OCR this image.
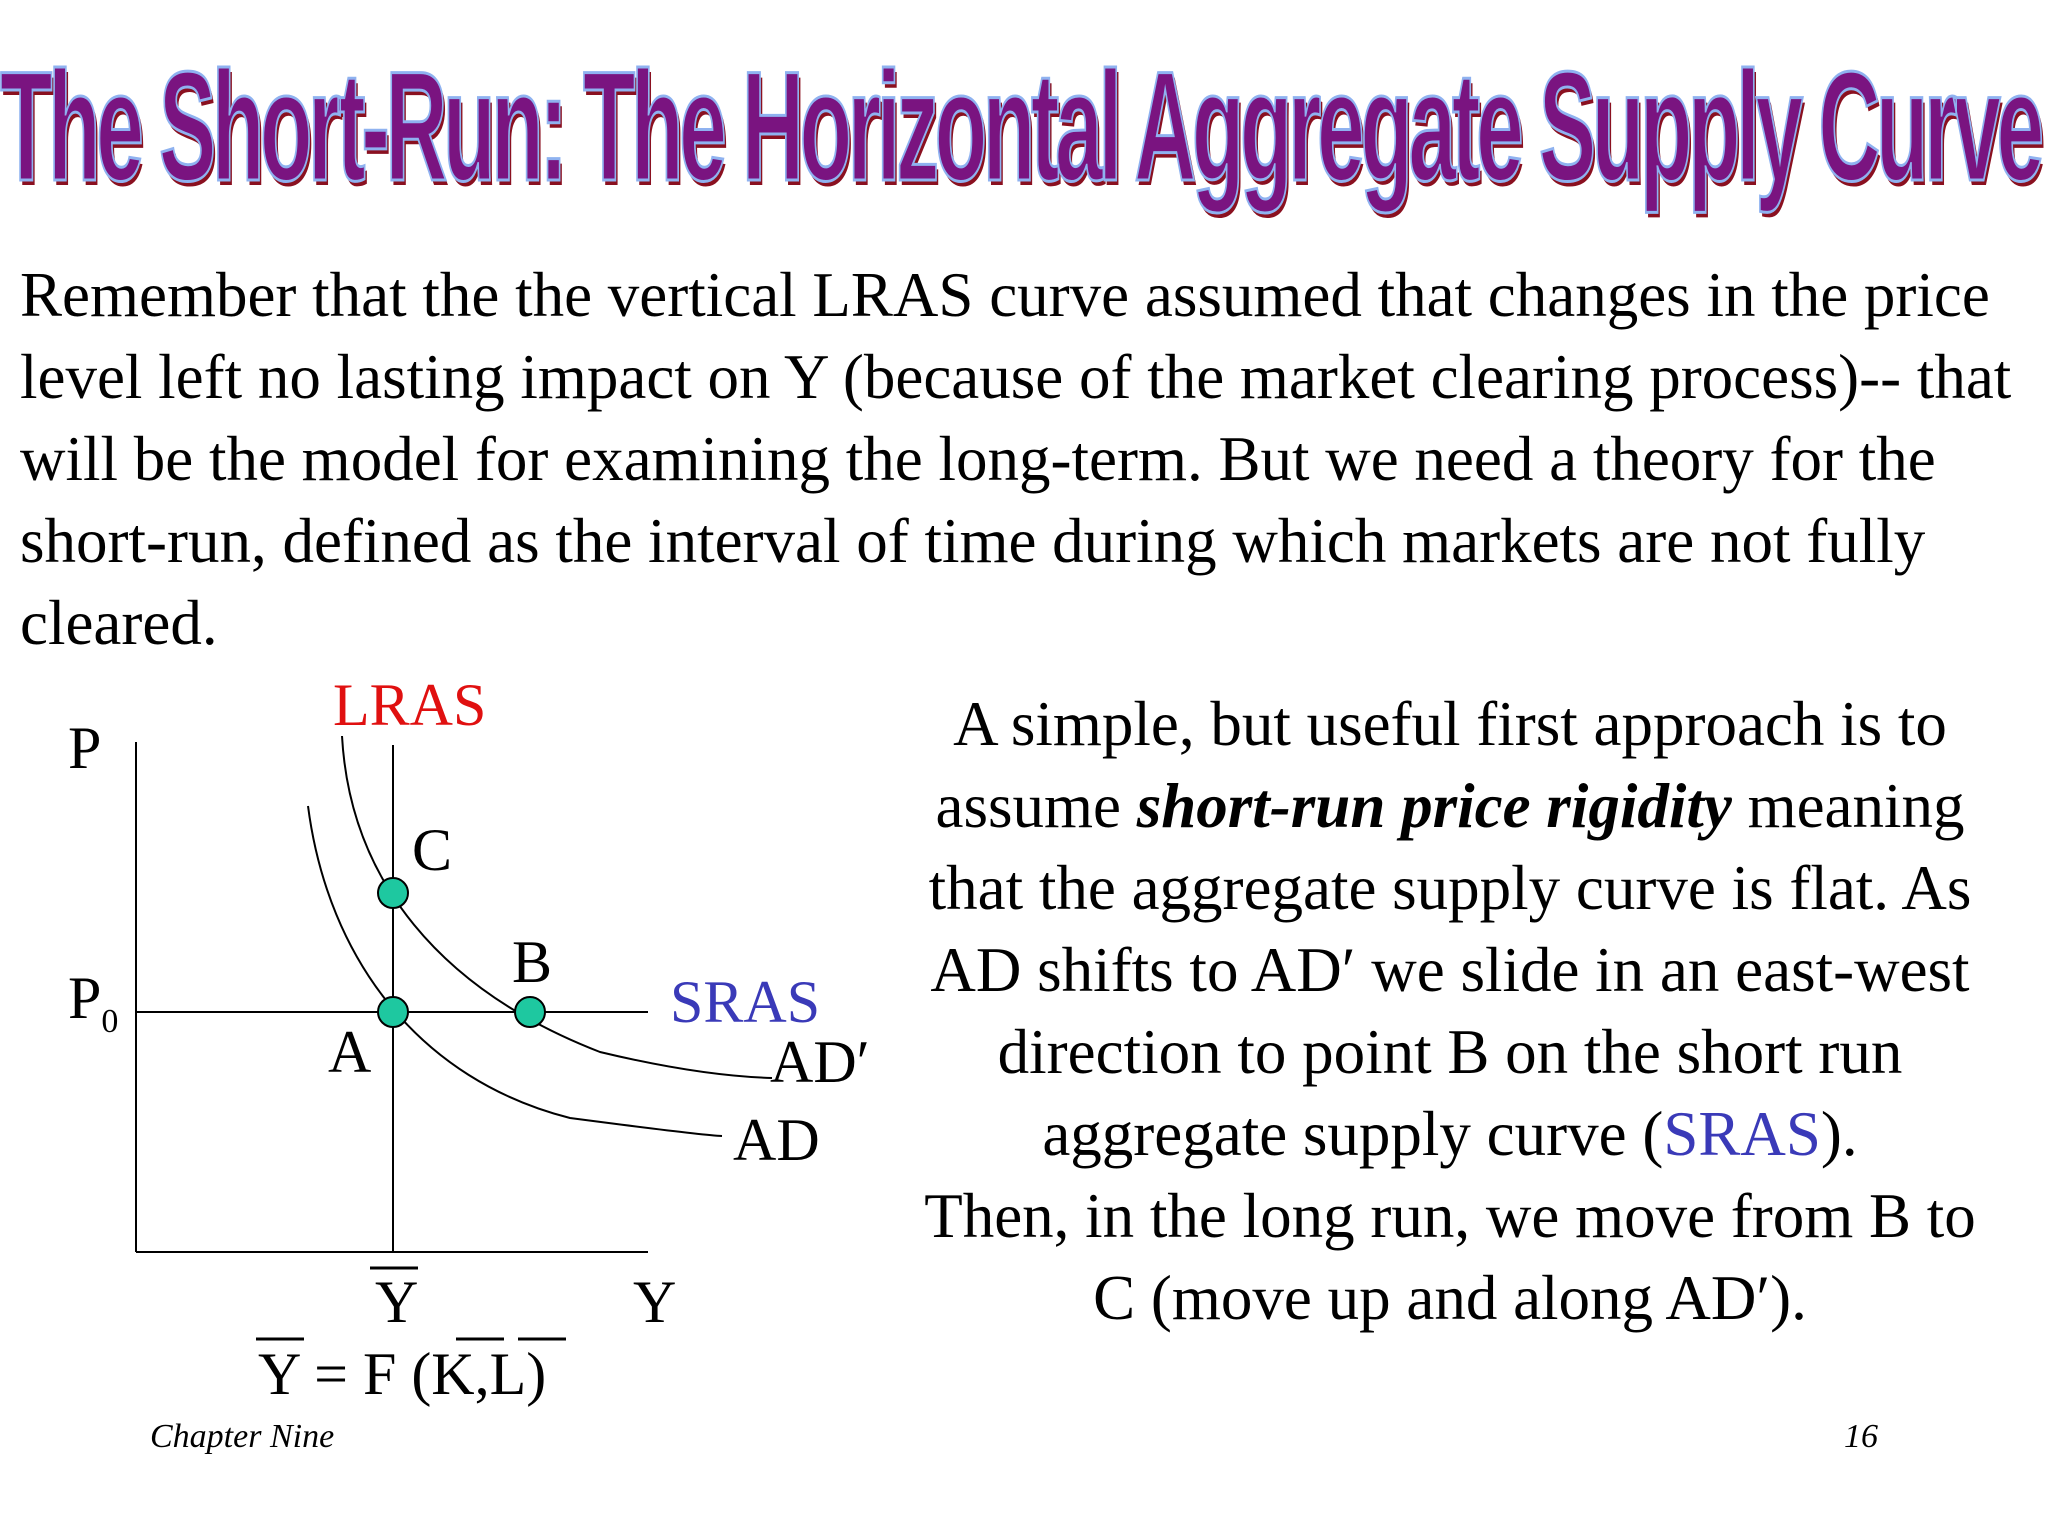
The Short-Run: The Horizontal Aggregate Supply Curve

Remember that the the vertical LRAS curve assumed that changes in the price level left no lasting impact on Y (because of the market clearing process)-- that will be the model for examining the long-term. But we need a theory for the short-run, defined as the interval of time during which markets are not fully cleared.

P
$P_0$
LRAS
SRAS
AD′
AD
A
B
C
Y	Y
Y = F (K,L)

A simple, but useful first approach is to assume short-run price rigidity meaning that the aggregate supply curve is flat. As AD shifts to AD′ we slide in an east-west direction to point B on the short run aggregate supply curve (SRAS).
Then, in the long run, we move from B to C (move up and along AD′).

Chapter Nine	16
